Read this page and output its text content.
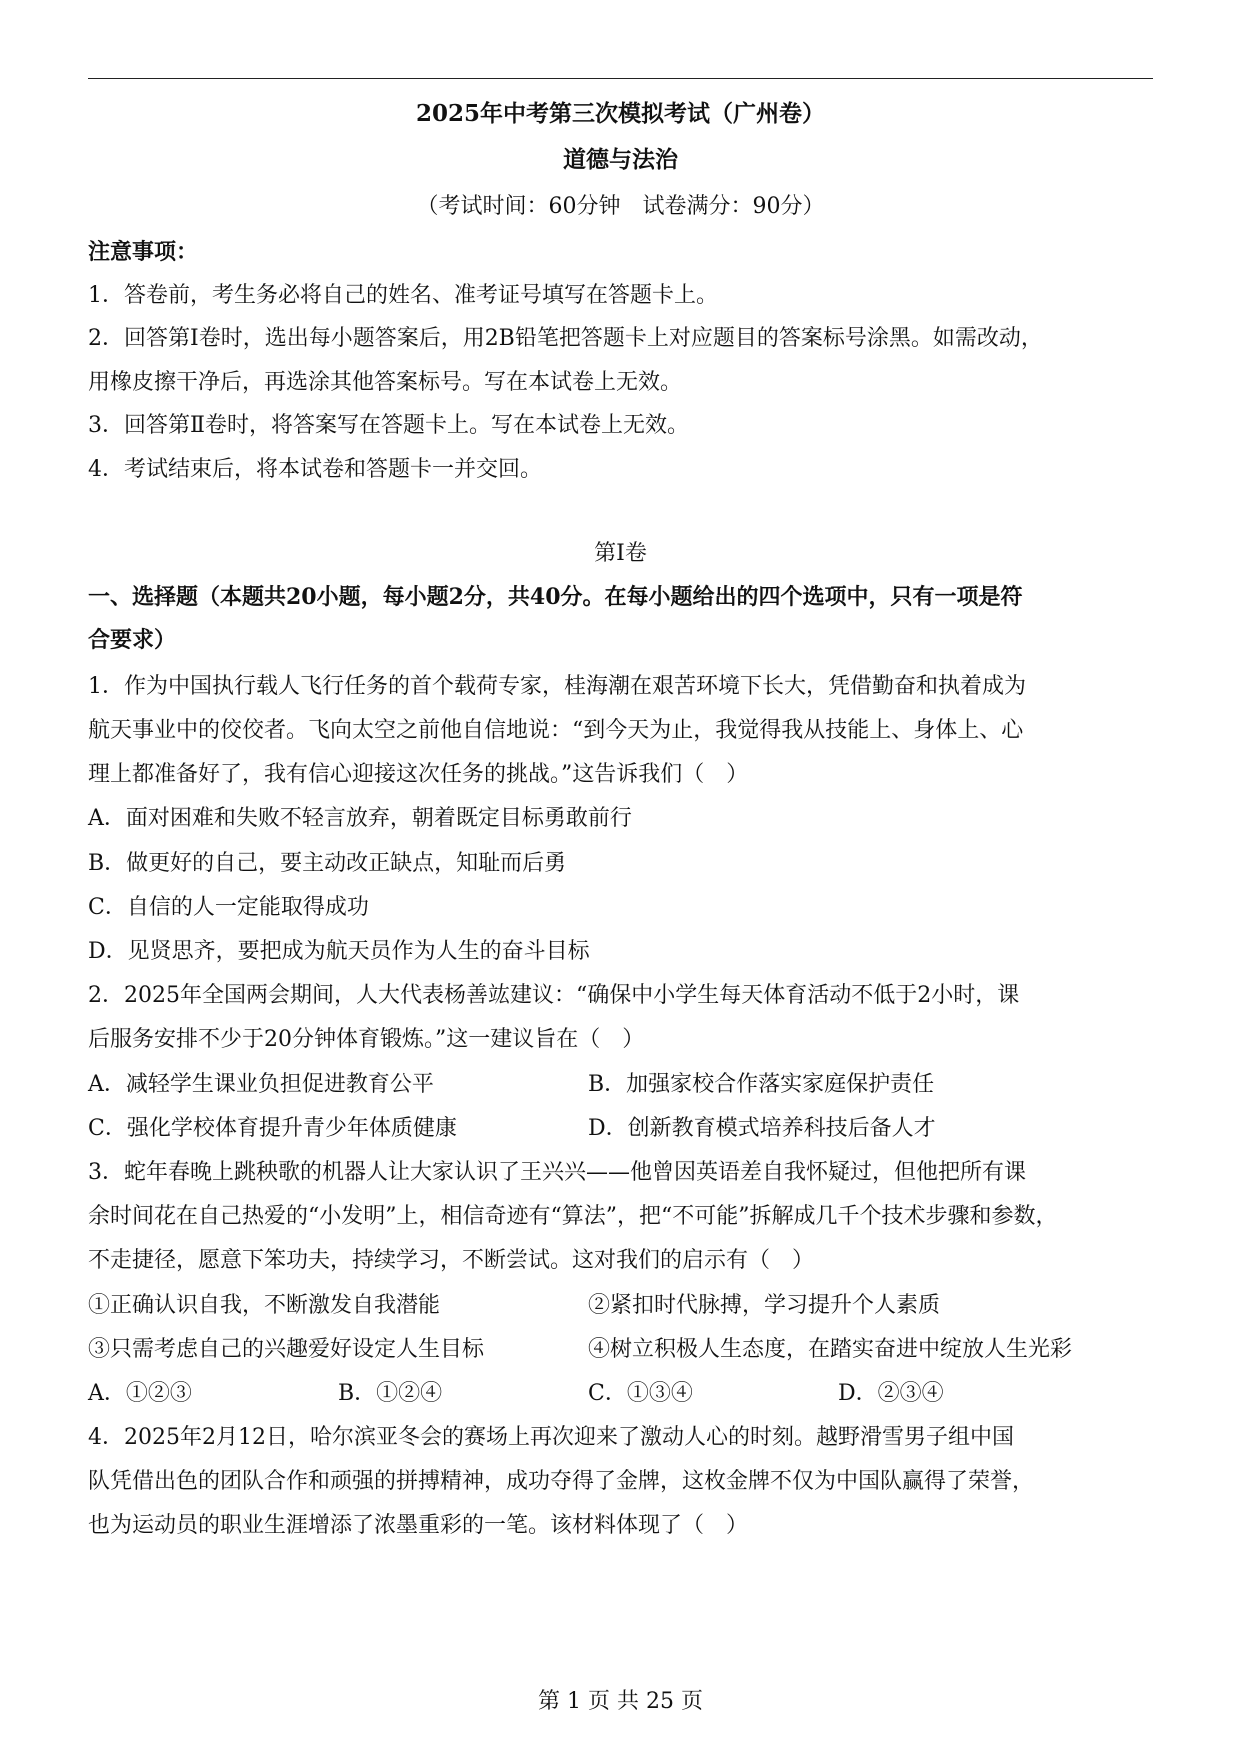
2025年中考第三次模拟考试（广州卷）
道德与法治
（考试时间：60分钟　试卷满分：90分）
注意事项：
1．答卷前，考生务必将自己的姓名、准考证号填写在答题卡上。
2．回答第Ⅰ卷时，选出每小题答案后，用2B铅笔把答题卡上对应题目的答案标号涂黑。如需改动，
用橡皮擦干净后，再选涂其他答案标号。写在本试卷上无效。
3．回答第Ⅱ卷时，将答案写在答题卡上。写在本试卷上无效。
4．考试结束后，将本试卷和答题卡一并交回。
第Ⅰ卷
一、选择题（本题共20小题，每小题2分，共40分。在每小题给出的四个选项中，只有一项是符
合要求）
1．作为中国执行载人飞行任务的首个载荷专家，桂海潮在艰苦环境下长大，凭借勤奋和执着成为
航天事业中的佼佼者。飞向太空之前他自信地说：“到今天为止，我觉得我从技能上、身体上、心
理上都准备好了，我有信心迎接这次任务的挑战。”这告诉我们（　）
A．面对困难和失败不轻言放弃，朝着既定目标勇敢前行
B．做更好的自己，要主动改正缺点，知耻而后勇
C．自信的人一定能取得成功
D．见贤思齐，要把成为航天员作为人生的奋斗目标
2．2025年全国两会期间，人大代表杨善竑建议：“确保中小学生每天体育活动不低于2小时，课
后服务安排不少于20分钟体育锻炼。”这一建议旨在（　）
A．减轻学生课业负担促进教育公平	B．加强家校合作落实家庭保护责任
C．强化学校体育提升青少年体质健康	D．创新教育模式培养科技后备人才
3．蛇年春晚上跳秧歌的机器人让大家认识了王兴兴——他曾因英语差自我怀疑过，但他把所有课
余时间花在自己热爱的“小发明”上，相信奇迹有“算法”，把“不可能”拆解成几千个技术步骤和参数，
不走捷径，愿意下笨功夫，持续学习，不断尝试。这对我们的启示有（　）
①正确认识自我，不断激发自我潜能	②紧扣时代脉搏，学习提升个人素质
③只需考虑自己的兴趣爱好设定人生目标	④树立积极人生态度，在踏实奋进中绽放人生光彩
A．①②③	B．①②④	C．①③④	D．②③④
4．2025年2月12日，哈尔滨亚冬会的赛场上再次迎来了激动人心的时刻。越野滑雪男子组中国
队凭借出色的团队合作和顽强的拼搏精神，成功夺得了金牌，这枚金牌不仅为中国队赢得了荣誉，
也为运动员的职业生涯增添了浓墨重彩的一笔。该材料体现了（　）
第 1 页 共 25 页
